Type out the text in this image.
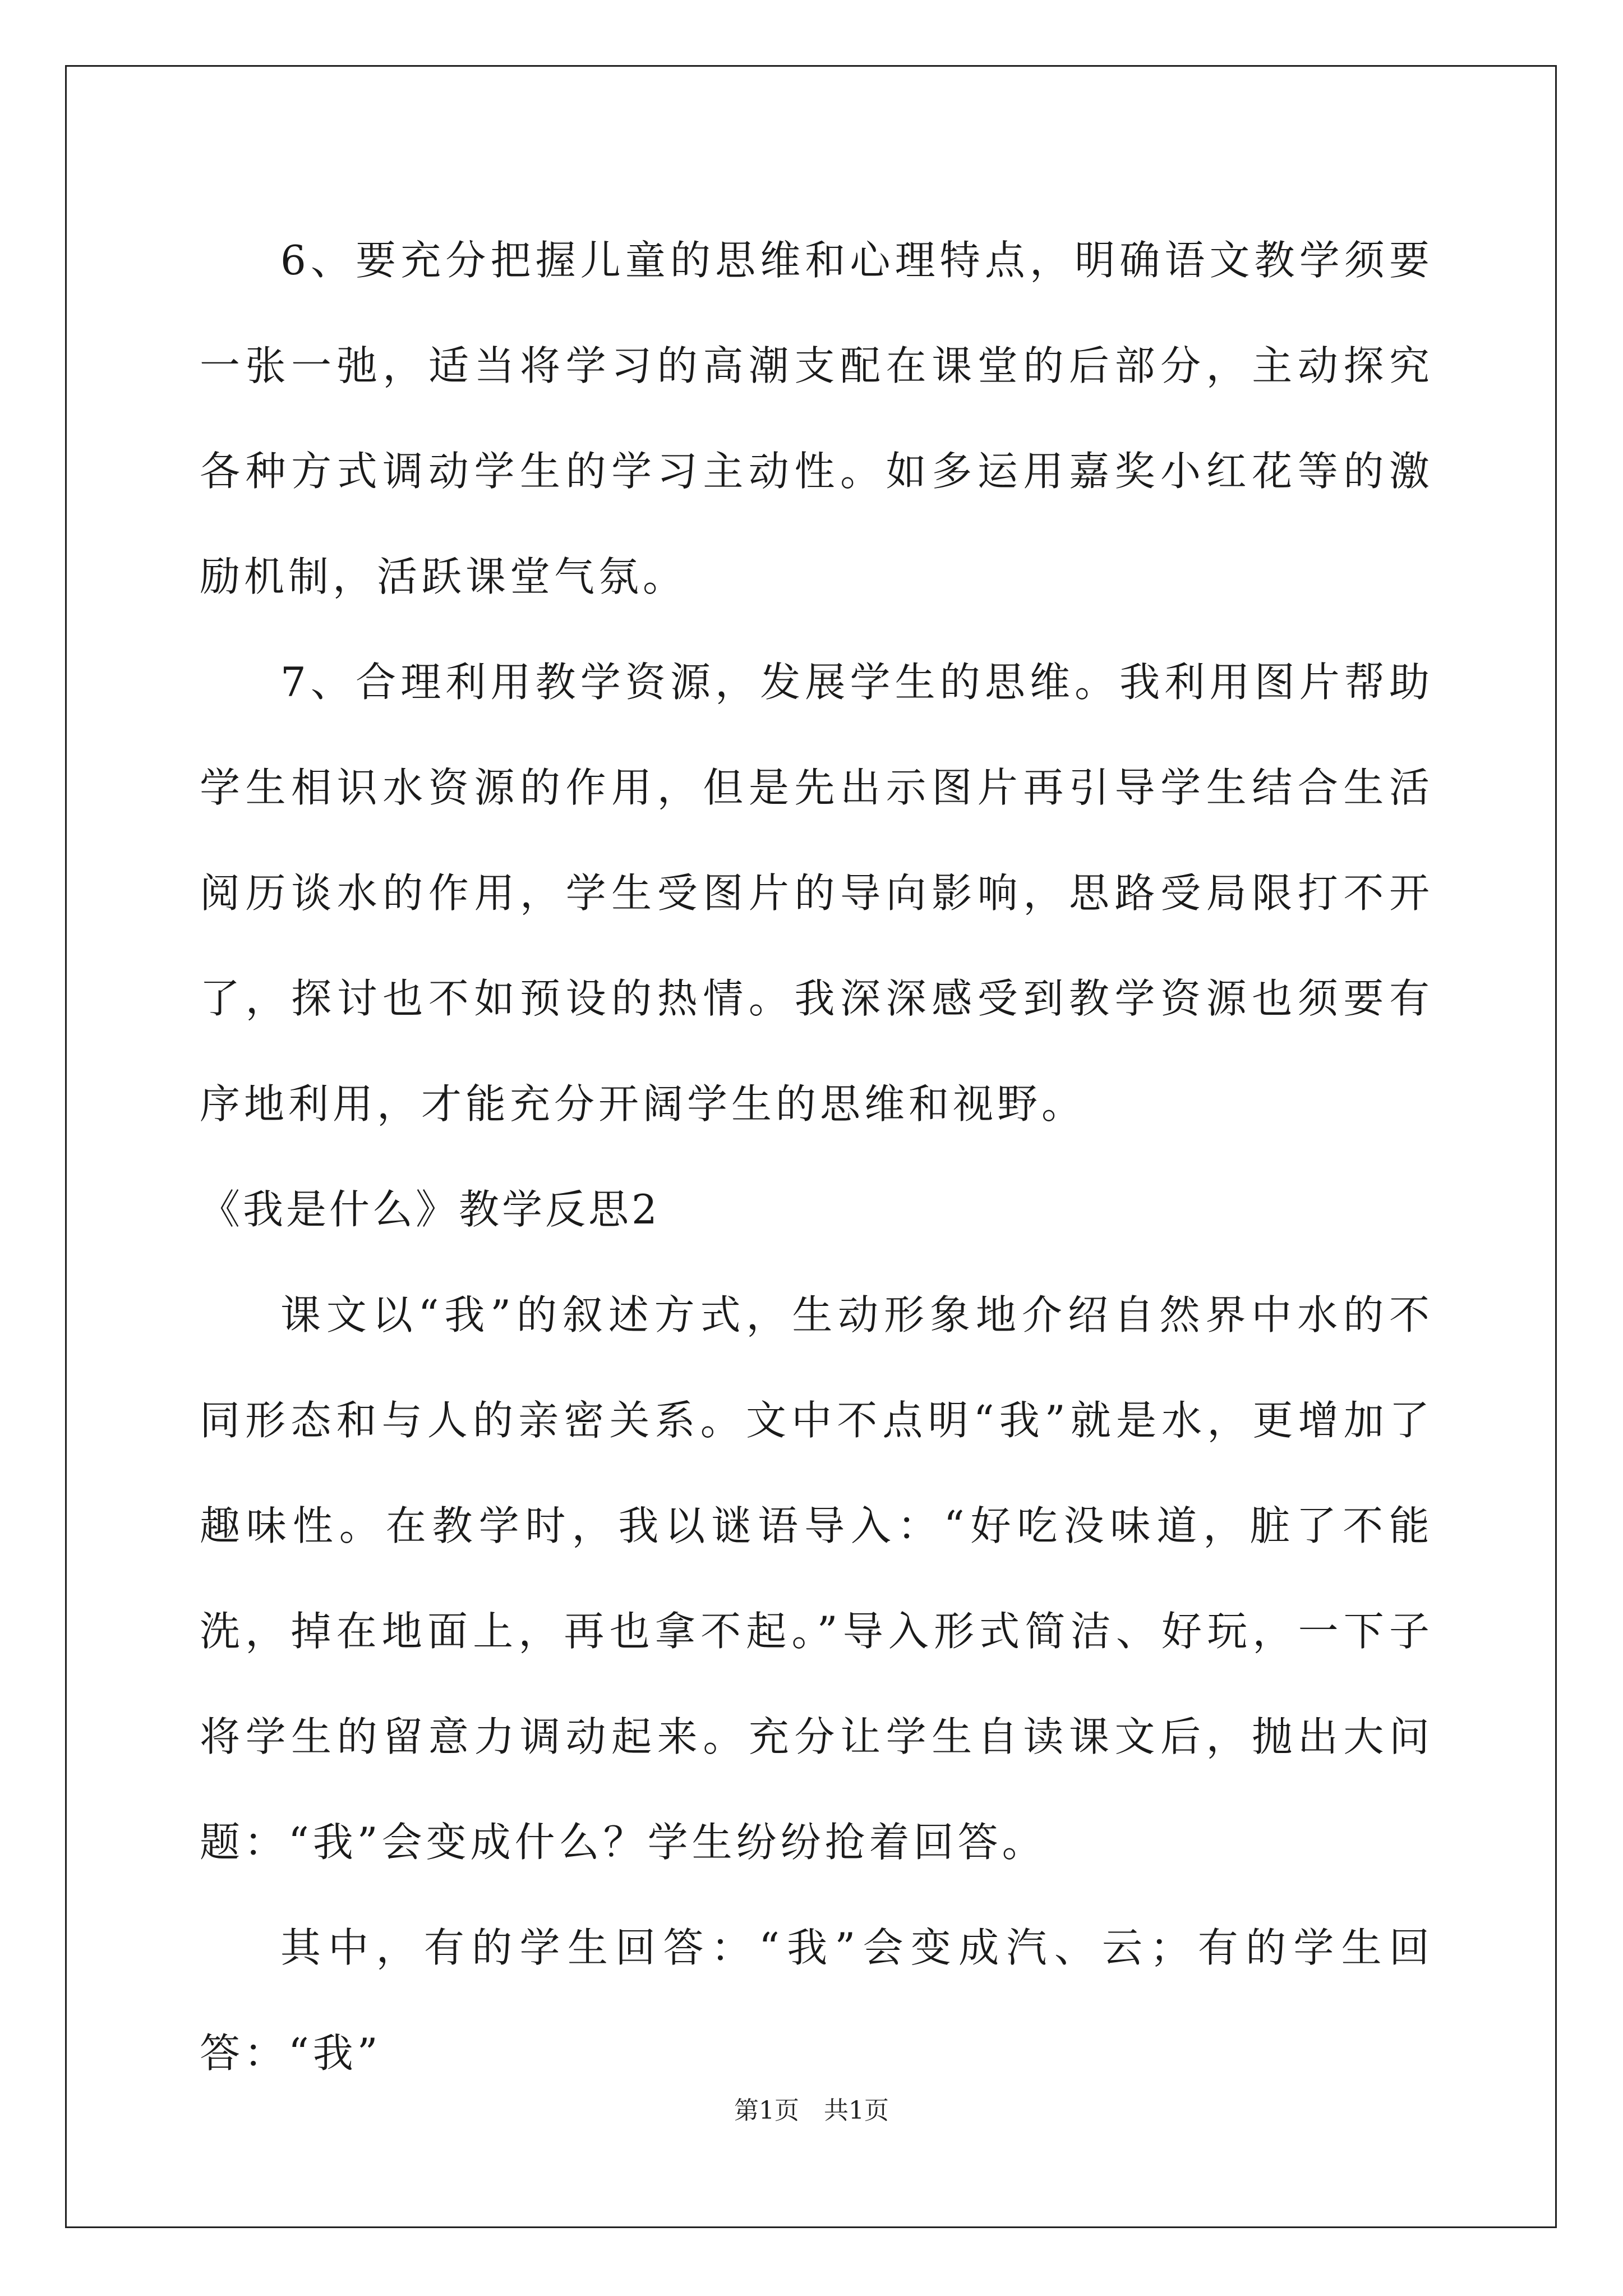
6、要充分把握儿童的思维和心理特点，明确语文教学须要一张一弛，适当将学习的高潮支配在课堂的后部分，主动探究各种方式调动学生的学习主动性。如多运用嘉奖小红花等的激励机制，活跃课堂气氛。

7、合理利用教学资源，发展学生的思维。我利用图片帮助学生相识水资源的作用，但是先出示图片再引导学生结合生活阅历谈水的作用，学生受图片的导向影响，思路受局限打不开了，探讨也不如预设的热情。我深深感受到教学资源也须要有序地利用，才能充分开阔学生的思维和视野。

《我是什么》教学反思2

课文以“我”的叙述方式，生动形象地介绍自然界中水的不同形态和与人的亲密关系。文中不点明“我”就是水，更增加了趣味性。在教学时，我以谜语导入：“好吃没味道，脏了不能洗，掉在地面上，再也拿不起。”导入形式简洁、好玩，一下子将学生的留意力调动起来。充分让学生自读课文后，抛出大问题：“我”会变成什么？学生纷纷抢着回答。

其中，有的学生回答：“我”会变成汽、云；有的学生回答：“我”

第1页 共1页
